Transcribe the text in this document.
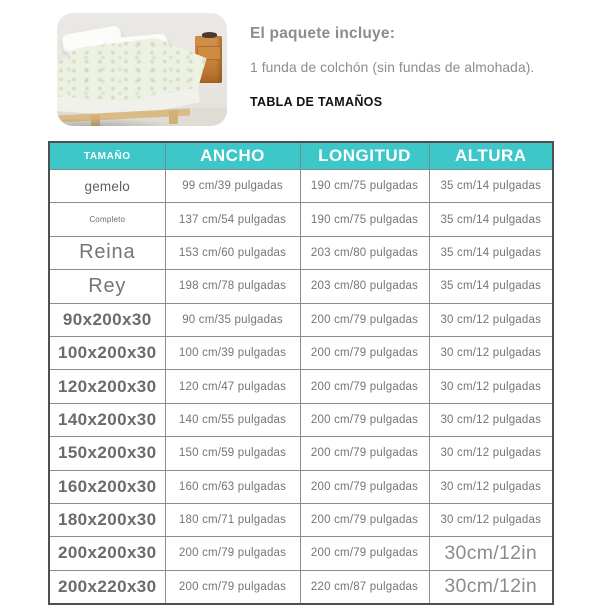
El paquete incluye:
1 funda de colchón (sin fundas de almohada).
TABLA DE TAMAÑOS
TAMAÑO	ANCHO	LONGITUD	ALTURA
gemelo	99 cm/39 pulgadas	190 cm/75 pulgadas	35 cm/14 pulgadas
Completo	137 cm/54 pulgadas	190 cm/75 pulgadas	35 cm/14 pulgadas
Reina	153 cm/60 pulgadas	203 cm/80 pulgadas	35 cm/14 pulgadas
Rey	198 cm/78 pulgadas	203 cm/80 pulgadas	35 cm/14 pulgadas
90x200x30	90 cm/35 pulgadas	200 cm/79 pulgadas	30 cm/12 pulgadas
100x200x30	100 cm/39 pulgadas	200 cm/79 pulgadas	30 cm/12 pulgadas
120x200x30	120 cm/47 pulgadas	200 cm/79 pulgadas	30 cm/12 pulgadas
140x200x30	140 cm/55 pulgadas	200 cm/79 pulgadas	30 cm/12 pulgadas
150x200x30	150 cm/59 pulgadas	200 cm/79 pulgadas	30 cm/12 pulgadas
160x200x30	160 cm/63 pulgadas	200 cm/79 pulgadas	30 cm/12 pulgadas
180x200x30	180 cm/71 pulgadas	200 cm/79 pulgadas	30 cm/12 pulgadas
200x200x30	200 cm/79 pulgadas	200 cm/79 pulgadas	30cm/12in
200x220x30	200 cm/79 pulgadas	220 cm/87 pulgadas	30cm/12in
